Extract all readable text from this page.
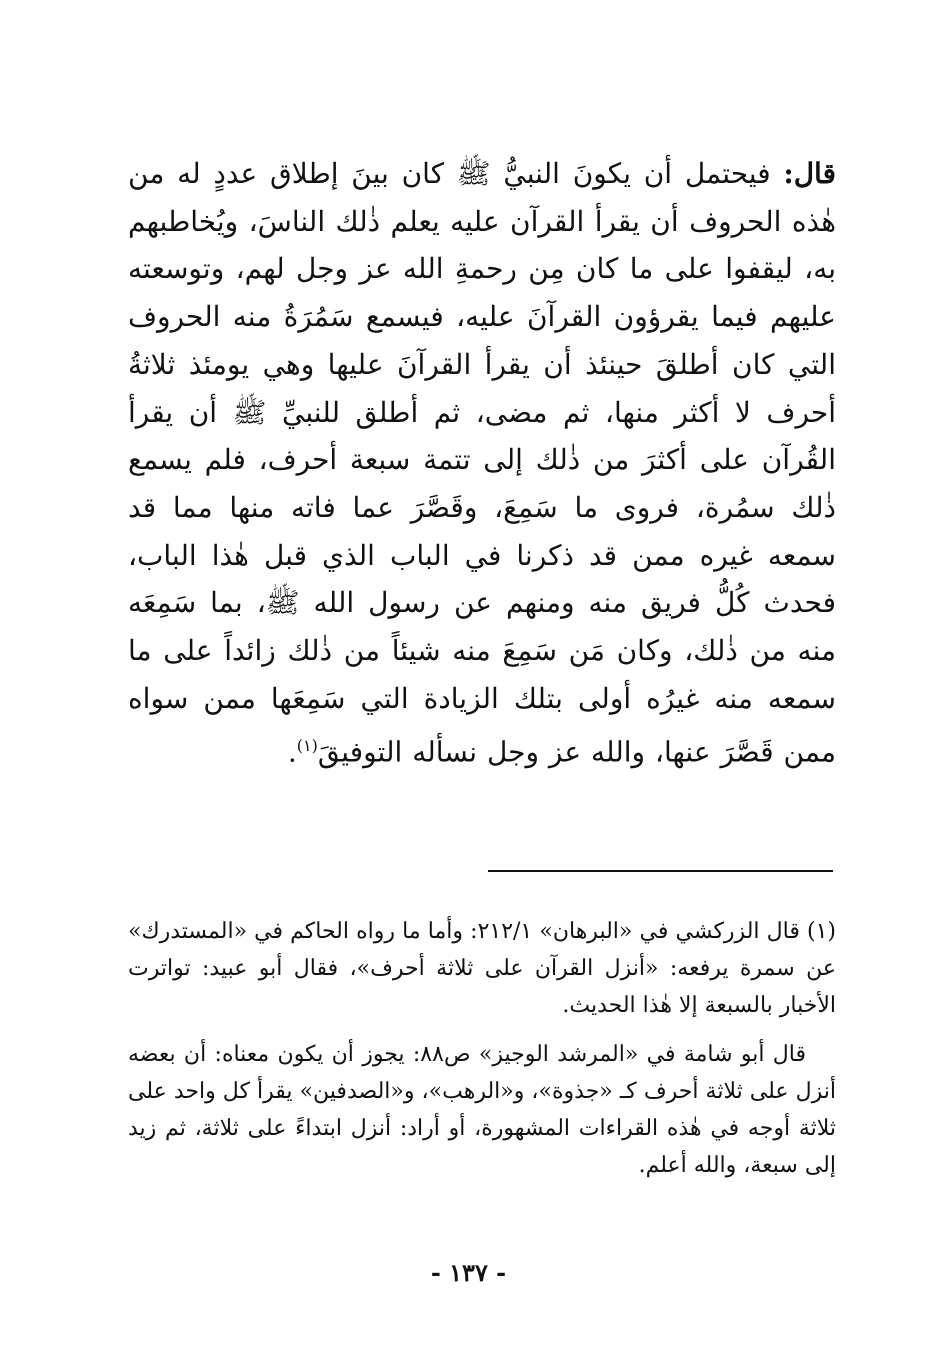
قال: فيحتمل أن يكونَ النبيُّ ﷺ كان بينَ إطلاق عددٍ له من هٰذه الحروف أن يقرأ القرآن عليه يعلم ذٰلك الناسَ، ويُخاطبهم به، ليقفوا على ما كان مِن رحمةِ الله عز وجل لهم، وتوسعته عليهم فيما يقرؤون القرآنَ عليه، فيسمع سَمُرَةُ منه الحروف التي كان أطلقَ حينئذ أن يقرأ القرآنَ عليها وهي يومئذ ثلاثةُ أحرف لا أكثر منها، ثم مضى، ثم أطلق للنبيِّ ﷺ أن يقرأ القُرآن على أكثرَ من ذٰلك إلى تتمة سبعة أحرف، فلم يسمع ذٰلك سمُرة، فروى ما سَمِعَ، وقَصَّرَ عما فاته منها مما قد سمعه غيره ممن قد ذكرنا في الباب الذي قبل هٰذا الباب، فحدث كُلُّ فريق منه ومنهم عن رسول الله ﷺ، بما سَمِعَه منه من ذٰلك، وكان مَن سَمِعَ منه شيئاً من ذٰلك زائداً على ما سمعه منه غيرُه أولى بتلك الزيادة التي سَمِعَها ممن سواه ممن قَصَّرَ عنها، والله عز وجل نسأله التوفيقَ$^{(١)}$.

(١) قال الزركشي في «البرهان» ٢١٢/١: وأما ما رواه الحاكم في «المستدرك» عن سمرة يرفعه: «أنزل القرآن على ثلاثة أحرف»، فقال أبو عبيد: تواترت الأخبار بالسبعة إلا هٰذا الحديث.

قال أبو شامة في «المرشد الوجيز» ص٨٨: يجوز أن يكون معناه: أن بعضه أنزل على ثلاثة أحرف كـ «جذوة»، و«الرهب»، و«الصدفين» يقرأ كل واحد على ثلاثة أوجه في هٰذه القراءات المشهورة، أو أراد: أنزل ابتداءً على ثلاثة، ثم زيد إلى سبعة، والله أعلم.

- ١٣٧ -
